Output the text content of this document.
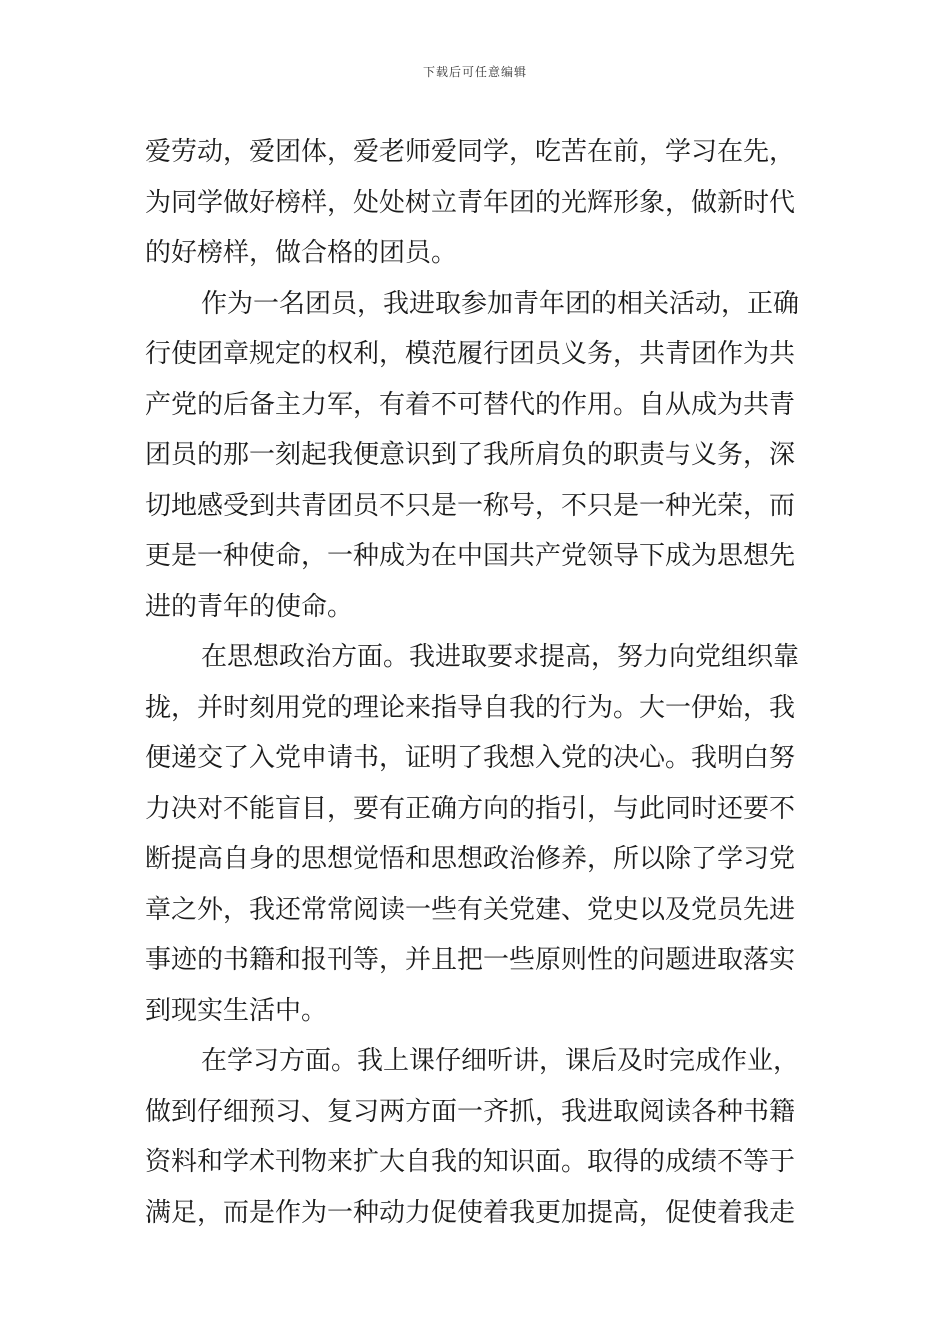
下载后可任意编辑
爱劳动，爱团体，爱老师爱同学，吃苦在前，学习在先，
为同学做好榜样，处处树立青年团的光辉形象，做新时代
的好榜样，做合格的团员。
作为一名团员，我进取参加青年团的相关活动，正确
行使团章规定的权利，模范履行团员义务，共青团作为共
产党的后备主力军，有着不可替代的作用。自从成为共青
团员的那一刻起我便意识到了我所肩负的职责与义务，深
切地感受到共青团员不只是一称号，不只是一种光荣，而
更是一种使命，一种成为在中国共产党领导下成为思想先
进的青年的使命。
在思想政治方面。我进取要求提高，努力向党组织靠
拢，并时刻用党的理论来指导自我的行为。大一伊始，我
便递交了入党申请书，证明了我想入党的决心。我明白努
力决对不能盲目，要有正确方向的指引，与此同时还要不
断提高自身的思想觉悟和思想政治修养，所以除了学习党
章之外，我还常常阅读一些有关党建、党史以及党员先进
事迹的书籍和报刊等，并且把一些原则性的问题进取落实
到现实生活中。
在学习方面。我上课仔细听讲，课后及时完成作业，
做到仔细预习、复习两方面一齐抓，我进取阅读各种书籍
资料和学术刊物来扩大自我的知识面。取得的成绩不等于
满足，而是作为一种动力促使着我更加提高，促使着我走
